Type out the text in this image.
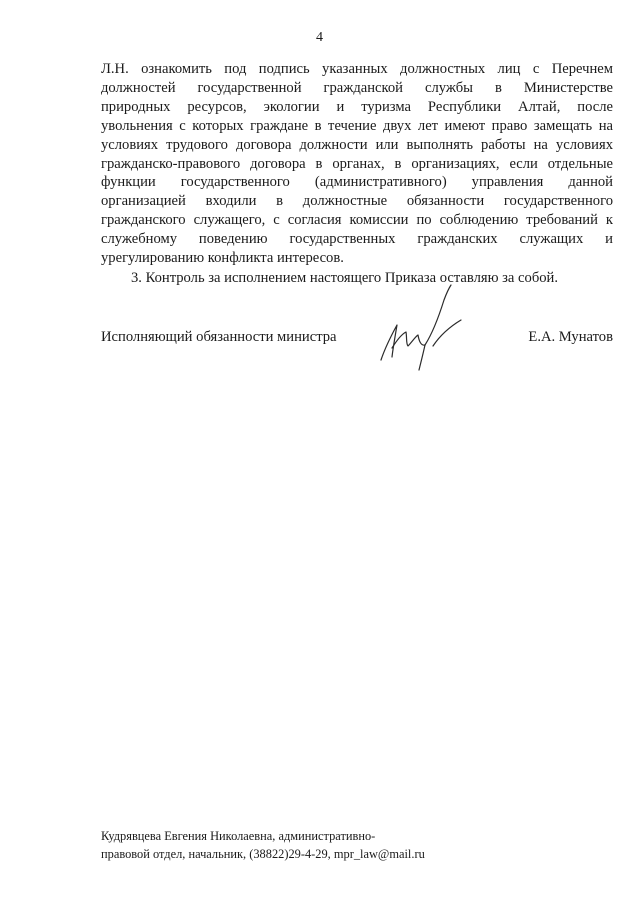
4

Л.Н. ознакомить под подпись указанных должностных лиц с Перечнем
должностей государственной гражданской службы в Министерстве
природных ресурсов, экологии и туризма Республики Алтай, после
увольнения с которых граждане в течение двух лет имеют право замещать на
условиях трудового договора должности или выполнять работы на условиях
гражданско-правового договора в органах, в организациях, если отдельные
функции государственного (административного) управления данной
организацией входили в должностные обязанности государственного
гражданского служащего, с согласия комиссии по соблюдению требований к
служебному поведению государственных гражданских служащих и
урегулированию конфликта интересов.

3. Контроль за исполнением настоящего Приказа оставляю за собой.

Исполняющий обязанности министра	Е.А. Мунатов
Кудрявцева Евгения Николаевна, административно-
правовой отдел, начальник, (38822)29-4-29, mpr_law@mail.ru
